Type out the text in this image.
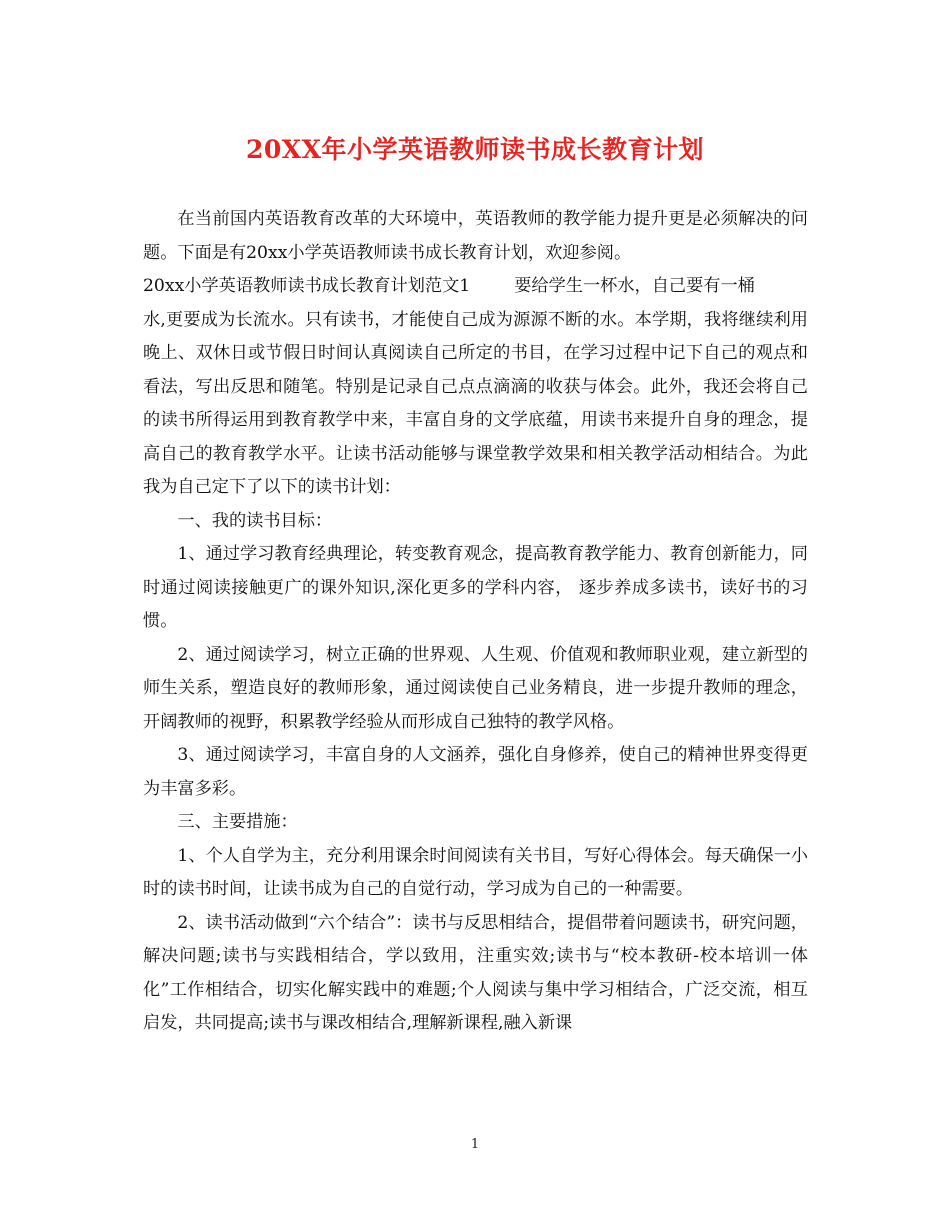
20XX年小学英语教师读书成长教育计划

在当前国内英语教育改革的大环境中，英语教师的教学能力提升更是必须解决的问题。下面是有20xx小学英语教师读书成长教育计划，欢迎参阅。

20xx小学英语教师读书成长教育计划范文1	要给学生一杯水，自己要有一桶

水,更要成为长流水。只有读书，才能使自己成为源源不断的水。本学期，我将继续利用晚上、双休日或节假日时间认真阅读自己所定的书目，在学习过程中记下自己的观点和看法，写出反思和随笔。特别是记录自己点点滴滴的收获与体会。此外，我还会将自己的读书所得运用到教育教学中来，丰富自身的文学底蕴，用读书来提升自身的理念，提高自己的教育教学水平。让读书活动能够与课堂教学效果和相关教学活动相结合。为此我为自己定下了以下的读书计划：

一、我的读书目标：

1、通过学习教育经典理论，转变教育观念，提高教育教学能力、教育创新能力，同时通过阅读接触更广的课外知识,深化更多的学科内容， 逐步养成多读书，读好书的习惯。

2、通过阅读学习，树立正确的世界观、人生观、价值观和教师职业观，建立新型的师生关系，塑造良好的教师形象，通过阅读使自己业务精良，进一步提升教师的理念，开阔教师的视野，积累教学经验从而形成自己独特的教学风格。

3、通过阅读学习，丰富自身的人文涵养，强化自身修养，使自己的精神世界变得更为丰富多彩。

三、主要措施：

1、个人自学为主，充分利用课余时间阅读有关书目，写好心得体会。每天确保一小时的读书时间，让读书成为自己的自觉行动，学习成为自己的一种需要。

2、读书活动做到“六个结合”：读书与反思相结合，提倡带着问题读书，研究问题，解决问题;读书与实践相结合，学以致用，注重实效;读书与“校本教研-校本培训一体化”工作相结合，切实化解实践中的难题;个人阅读与集中学习相结合，广泛交流，相互启发，共同提高;读书与课改相结合,理解新课程,融入新课

1
